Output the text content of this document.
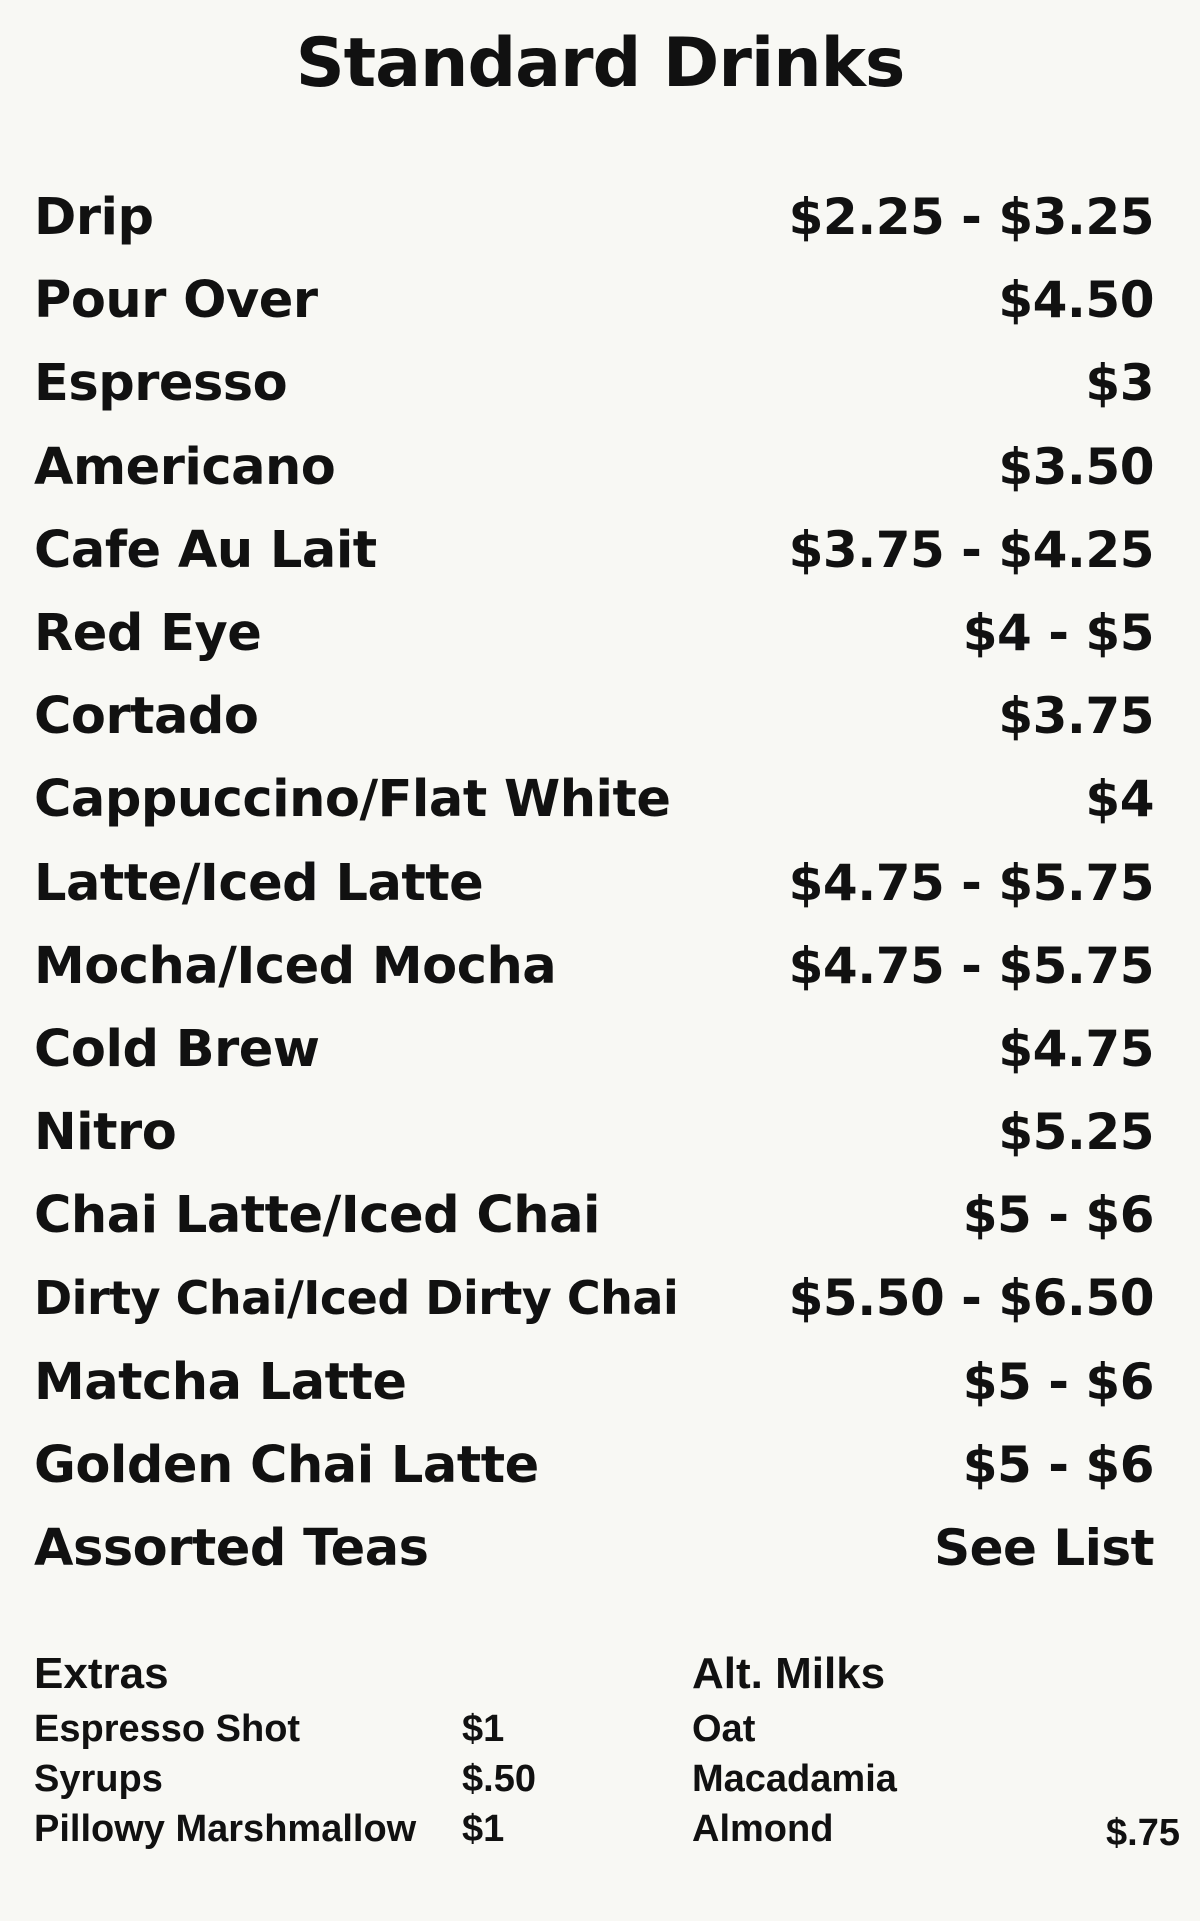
Standard Drinks
Drip	$2.25 - $3.25
Pour Over	$4.50
Espresso	$3
Americano	$3.50
Cafe Au Lait	$3.75 - $4.25
Red Eye	$4 - $5
Cortado	$3.75
Cappuccino/Flat White	$4
Latte/Iced Latte	$4.75 - $5.75
Mocha/Iced Mocha	$4.75 - $5.75
Cold Brew	$4.75
Nitro	$5.25
Chai Latte/Iced Chai	$5 - $6
Dirty Chai/Iced Dirty Chai $5.50 - $6.50
Matcha Latte	$5 - $6
Golden Chai Latte	$5 - $6
Assorted Teas	See List
Extras
Espresso Shot	$1
Syrups	$.50
Pillowy Marshmallow $1
Alt. Milks
Oat
Macadamia
Almond	$.75
